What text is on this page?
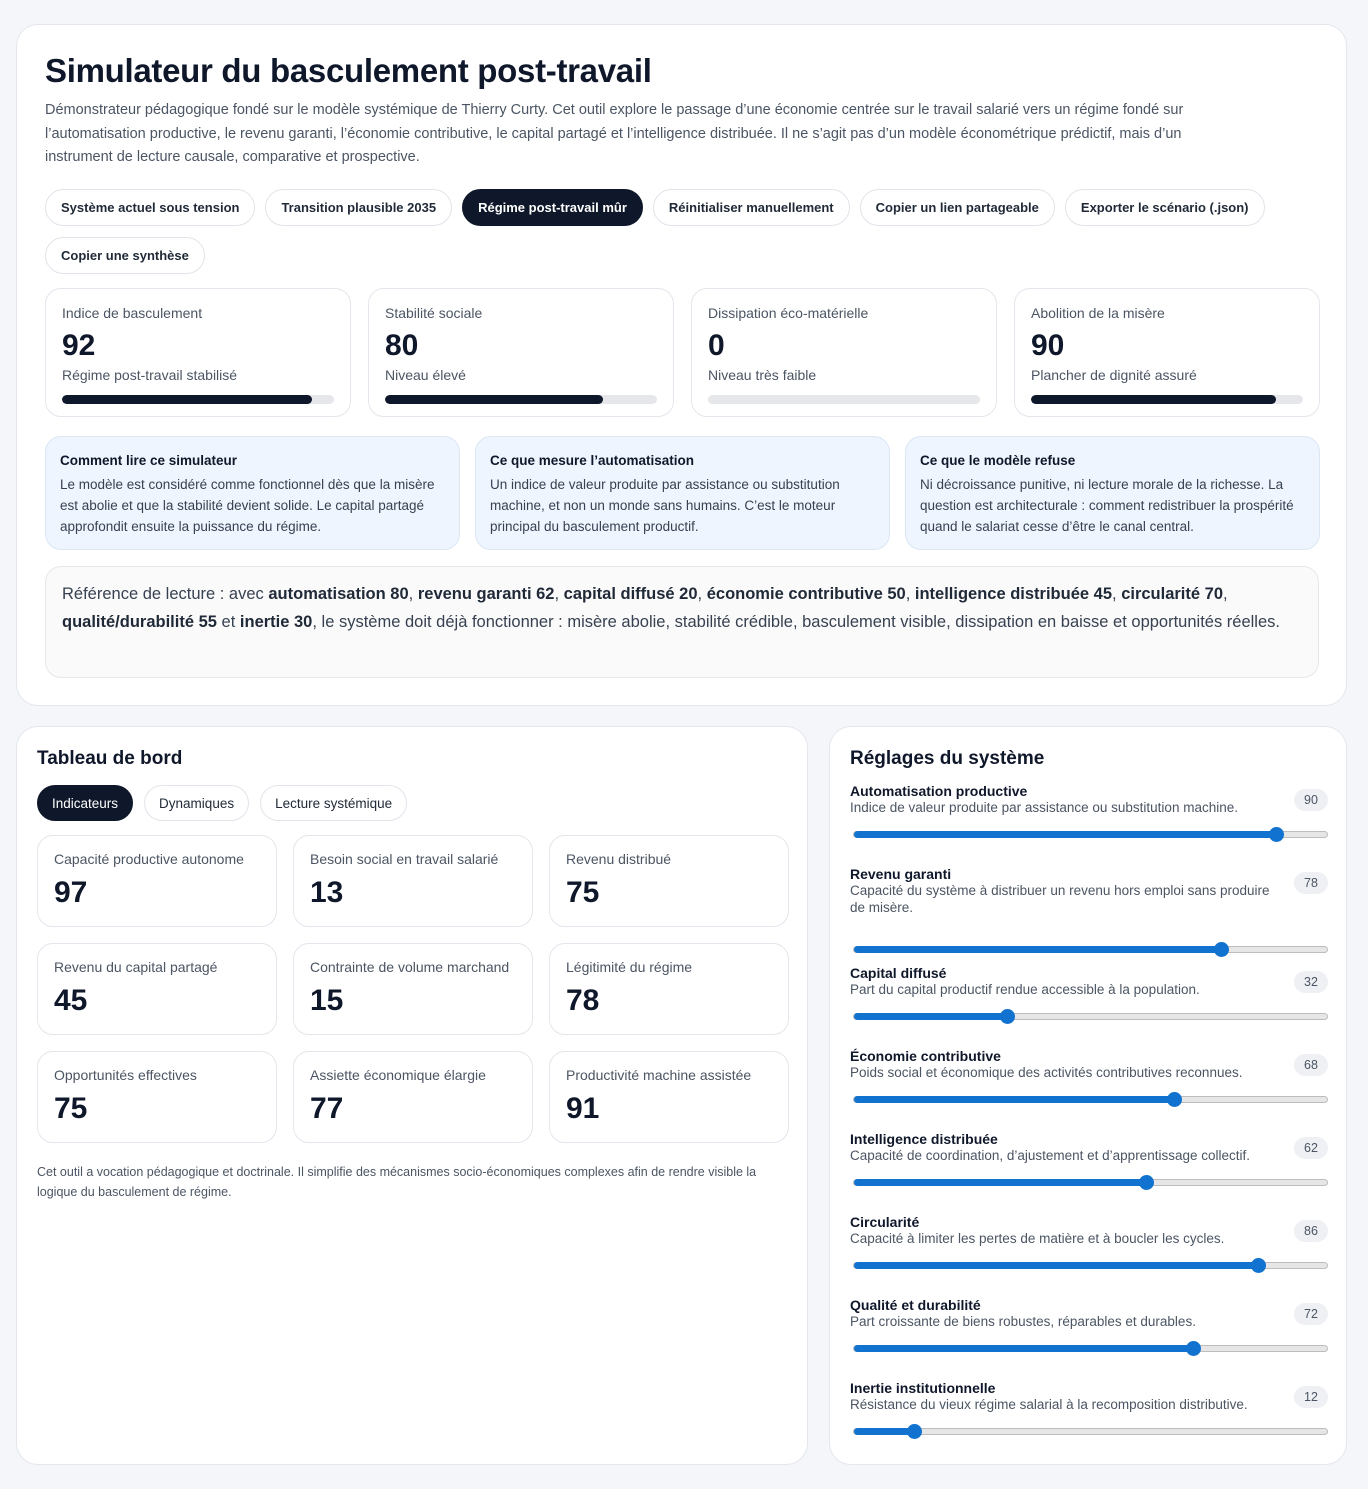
Simulateur du basculement post-travail

Démonstrateur pédagogique fondé sur le modèle systémique de Thierry Curty. Cet outil explore le passage d’une économie centrée sur le travail salarié vers un régime fondé sur l’automatisation productive, le revenu garanti, l’économie contributive, le capital partagé et l’intelligence distribuée. Il ne s’agit pas d’un modèle économétrique prédictif, mais d’un instrument de lecture causale, comparative et prospective.

Système actuel sous tension	Transition plausible 2035	Régime post-travail mûr	Réinitialiser manuellement	Copier un lien partageable	Exporter le scénario (.json)
Copier une synthèse
Indice de basculement
92
Régime post-travail stabilisé
Stabilité sociale
80
Niveau élevé
Dissipation éco-matérielle
0
Niveau très faible
Abolition de la misère
90
Plancher de dignité assuré
Comment lire ce simulateur
Le modèle est considéré comme fonctionnel dès que la misère est abolie et que la stabilité devient solide. Le capital partagé approfondit ensuite la puissance du régime.
Ce que mesure l’automatisation
Un indice de valeur produite par assistance ou substitution machine, et non un monde sans humains. C’est le moteur principal du basculement productif.
Ce que le modèle refuse
Ni décroissance punitive, ni lecture morale de la richesse. La question est architecturale : comment redistribuer la prospérité quand le salariat cesse d’être le canal central.
Référence de lecture : avec automatisation 80, revenu garanti 62, capital diffusé 20, économie contributive 50, intelligence distribuée 45, circularité 70, qualité/durabilité 55 et inertie 30, le système doit déjà fonctionner : misère abolie, stabilité crédible, basculement visible, dissipation en baisse et opportunités réelles.
Tableau de bord
Indicateurs	Dynamiques	Lecture systémique
Capacité productive autonome
97
Besoin social en travail salarié
13
Revenu distribué
75
Revenu du capital partagé
45
Contrainte de volume marchand
15
Légitimité du régime
78
Opportunités effectives
75
Assiette économique élargie
77
Productivité machine assistée
91

Cet outil a vocation pédagogique et doctrinale. Il simplifie des mécanismes socio-économiques complexes afin de rendre visible la logique du basculement de régime.

Réglages du système
Automatisation productive
Indice de valeur produite par assistance ou substitution machine.	90
Revenu garanti
Capacité du système à distribuer un revenu hors emploi sans produire de misère.
78
Capital diffusé
Part du capital productif rendue accessible à la population.	32
Économie contributive
Poids social et économique des activités contributives reconnues.	68
Intelligence distribuée
Capacité de coordination, d’ajustement et d’apprentissage collectif.	62
Circularité
Capacité à limiter les pertes de matière et à boucler les cycles.	86
Qualité et durabilité
Part croissante de biens robustes, réparables et durables.	72
Inertie institutionnelle
Résistance du vieux régime salarial à la recomposition distributive.	12
